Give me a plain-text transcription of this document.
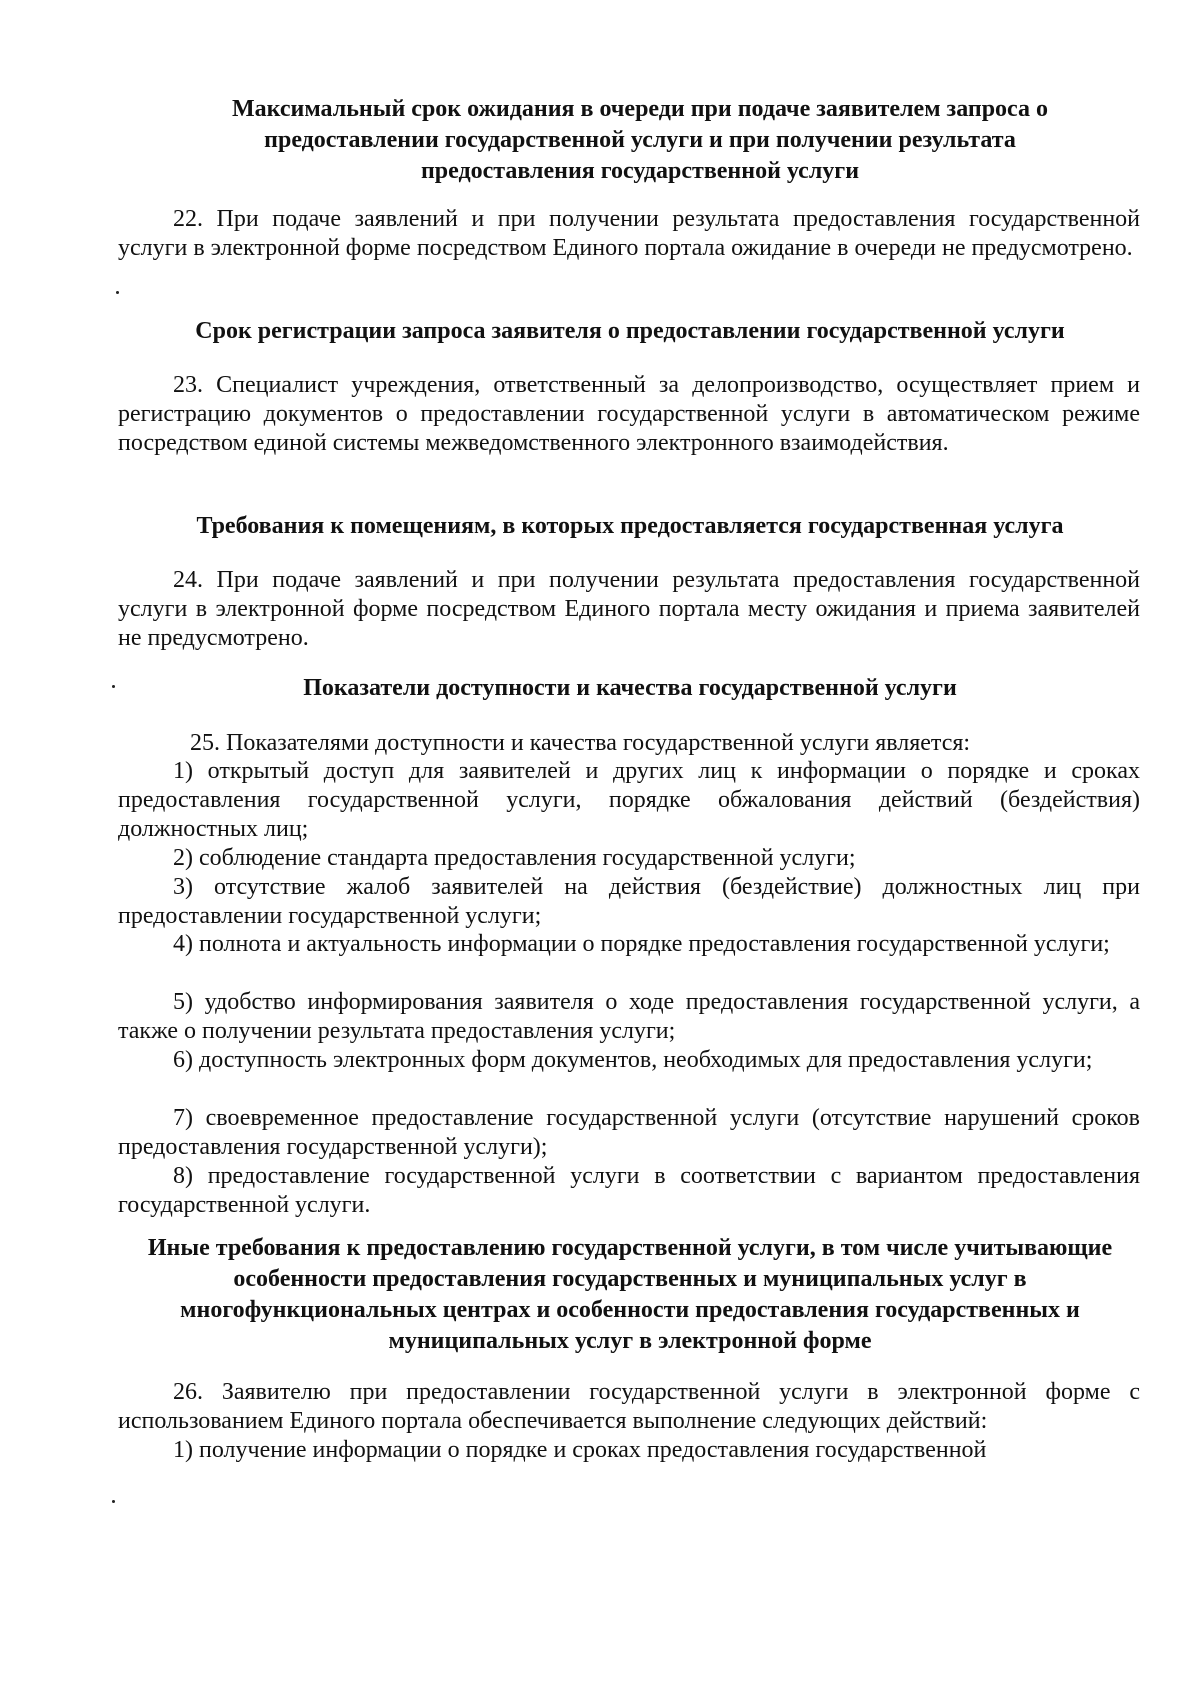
Максимальный срок ожидания в очереди при подаче заявителем запроса о предоставлении государственной услуги и при получении результата предоставления государственной услуги

22. При подаче заявлений и при получении результата предоставления государственной услуги в электронной форме посредством Единого портала ожидание в очереди не предусмотрено.

Срок регистрации запроса заявителя о предоставлении государственной услуги

23. Специалист учреждения, ответственный за делопроизводство, осуществляет прием и регистрацию документов о предоставлении государственной услуги в автоматическом режиме посредством единой системы межведомственного электронного взаимодействия.

Требования к помещениям, в которых предоставляется государственная услуга

24. При подаче заявлений и при получении результата предоставления государственной услуги в электронной форме посредством Единого портала месту ожидания и приема заявителей не предусмотрено.

Показатели доступности и качества государственной услуги

25. Показателями доступности и качества государственной услуги является:

1) открытый доступ для заявителей и других лиц к информации о порядке и сроках предоставления государственной услуги, порядке обжалования действий (бездействия) должностных лиц;

2) соблюдение стандарта предоставления государственной услуги;

3) отсутствие жалоб заявителей на действия (бездействие) должностных лиц при предоставлении государственной услуги;

4) полнота и актуальность информации о порядке предоставления государственной услуги;

5) удобство информирования заявителя о ходе предоставления государственной услуги, а также о получении результата предоставления услуги;

6) доступность электронных форм документов, необходимых для предоставления услуги;

7) своевременное предоставление государственной услуги (отсутствие нарушений сроков предоставления государственной услуги);

8) предоставление государственной услуги в соответствии с вариантом предоставления государственной услуги.

Иные требования к предоставлению государственной услуги, в том числе учитывающие особенности предоставления государственных и муниципальных услуг в многофункциональных центрах и особенности предоставления государственных и муниципальных услуг в электронной форме

26. Заявителю при предоставлении государственной услуги в электронной форме с использованием Единого портала обеспечивается выполнение следующих действий:

1) получение информации о порядке и сроках предоставления государственной
